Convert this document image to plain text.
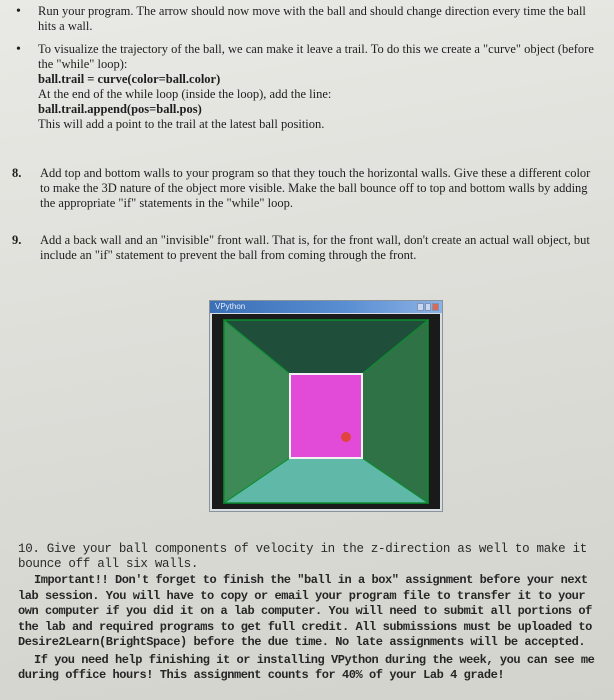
• Run your program. The arrow should now move with the ball and should change direction every time the ball hits a wall.
• To visualize the trajectory of the ball, we can make it leave a trail. To do this we create a "curve" object (before the "while" loop):
ball.trail = curve(color=ball.color)
At the end of the while loop (inside the loop), add the line:
ball.trail.append(pos=ball.pos)
This will add a point to the trail at the latest ball position.
8. Add top and bottom walls to your program so that they touch the horizontal walls. Give these a different color to make the 3D nature of the object more visible. Make the ball bounce off to top and bottom walls by adding the appropriate "if" statements in the "while" loop.
9. Add a back wall and an "invisible" front wall. That is, for the front wall, don't create an actual wall object, but include an "if" statement to prevent the ball from coming through the front.
VPython
10. Give your ball components of velocity in the z-direction as well to make it bounce off all six walls.

Important!! Don't forget to finish the "ball in a box" assignment before your next lab session. You will have to copy or email your program file to transfer it to your own computer if you did it on a lab computer. You will need to submit all portions of the lab and required programs to get full credit. All submissions must be uploaded to Desire2Learn(BrightSpace) before the due time. No late assignments will be accepted.

If you need help finishing it or installing VPython during the week, you can see me during office hours! This assignment counts for 40% of your Lab 4 grade!
